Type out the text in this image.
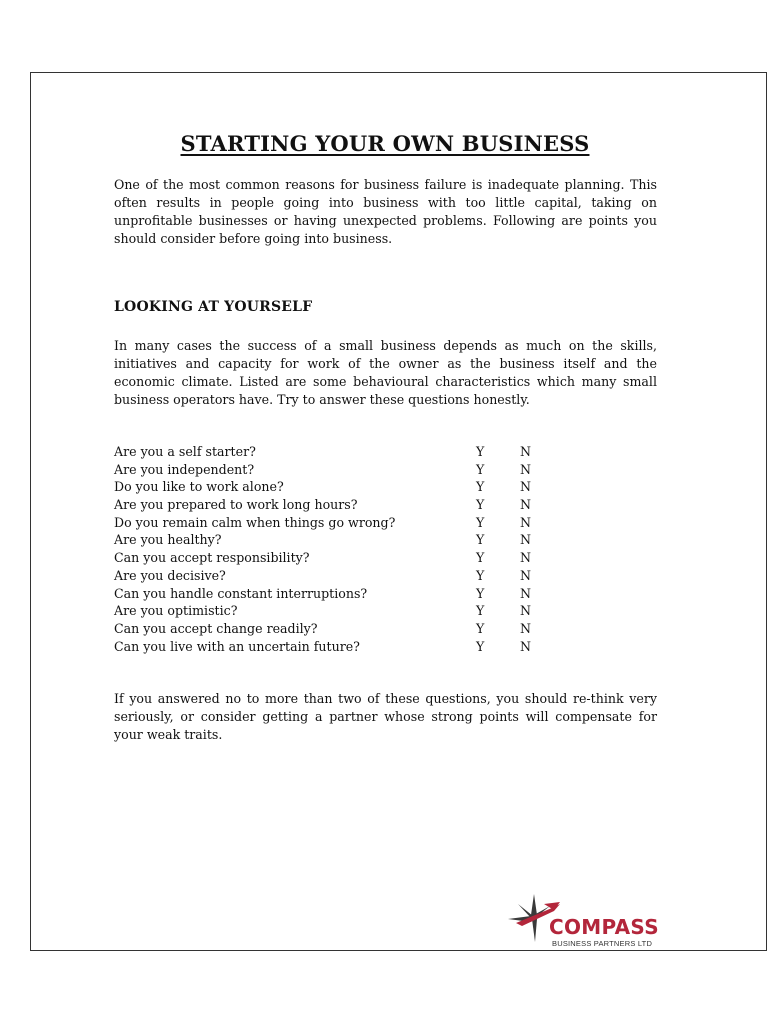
STARTING YOUR OWN BUSINESS

One of the most common reasons for business failure is inadequate planning. This often results in people going into business with too little capital, taking on unprofitable businesses or having unexpected problems. Following are points you should consider before going into business.

LOOKING AT YOURSELF

In many cases the success of a small business depends as much on the skills, initiatives and capacity for work of the owner as the business itself and the economic climate. Listed are some behavioural characteristics which many small business operators have. Try to answer these questions honestly.

Are you a self starter?	Y	N
Are you independent?	Y	N
Do you like to work alone?	Y	N
Are you prepared to work long hours?	Y	N
Do you remain calm when things go wrong?	Y	N
Are you healthy?	Y	N
Can you accept responsibility?	Y	N
Are you decisive?	Y	N
Can you handle constant interruptions?	Y	N
Are you optimistic?	Y	N
Can you accept change readily?	Y	N
Can you live with an uncertain future?	Y	N

If you answered no to more than two of these questions, you should re-think very seriously, or consider getting a partner whose strong points will compensate for your weak traits.

COMPASS
BUSINESS PARTNERS LTD
